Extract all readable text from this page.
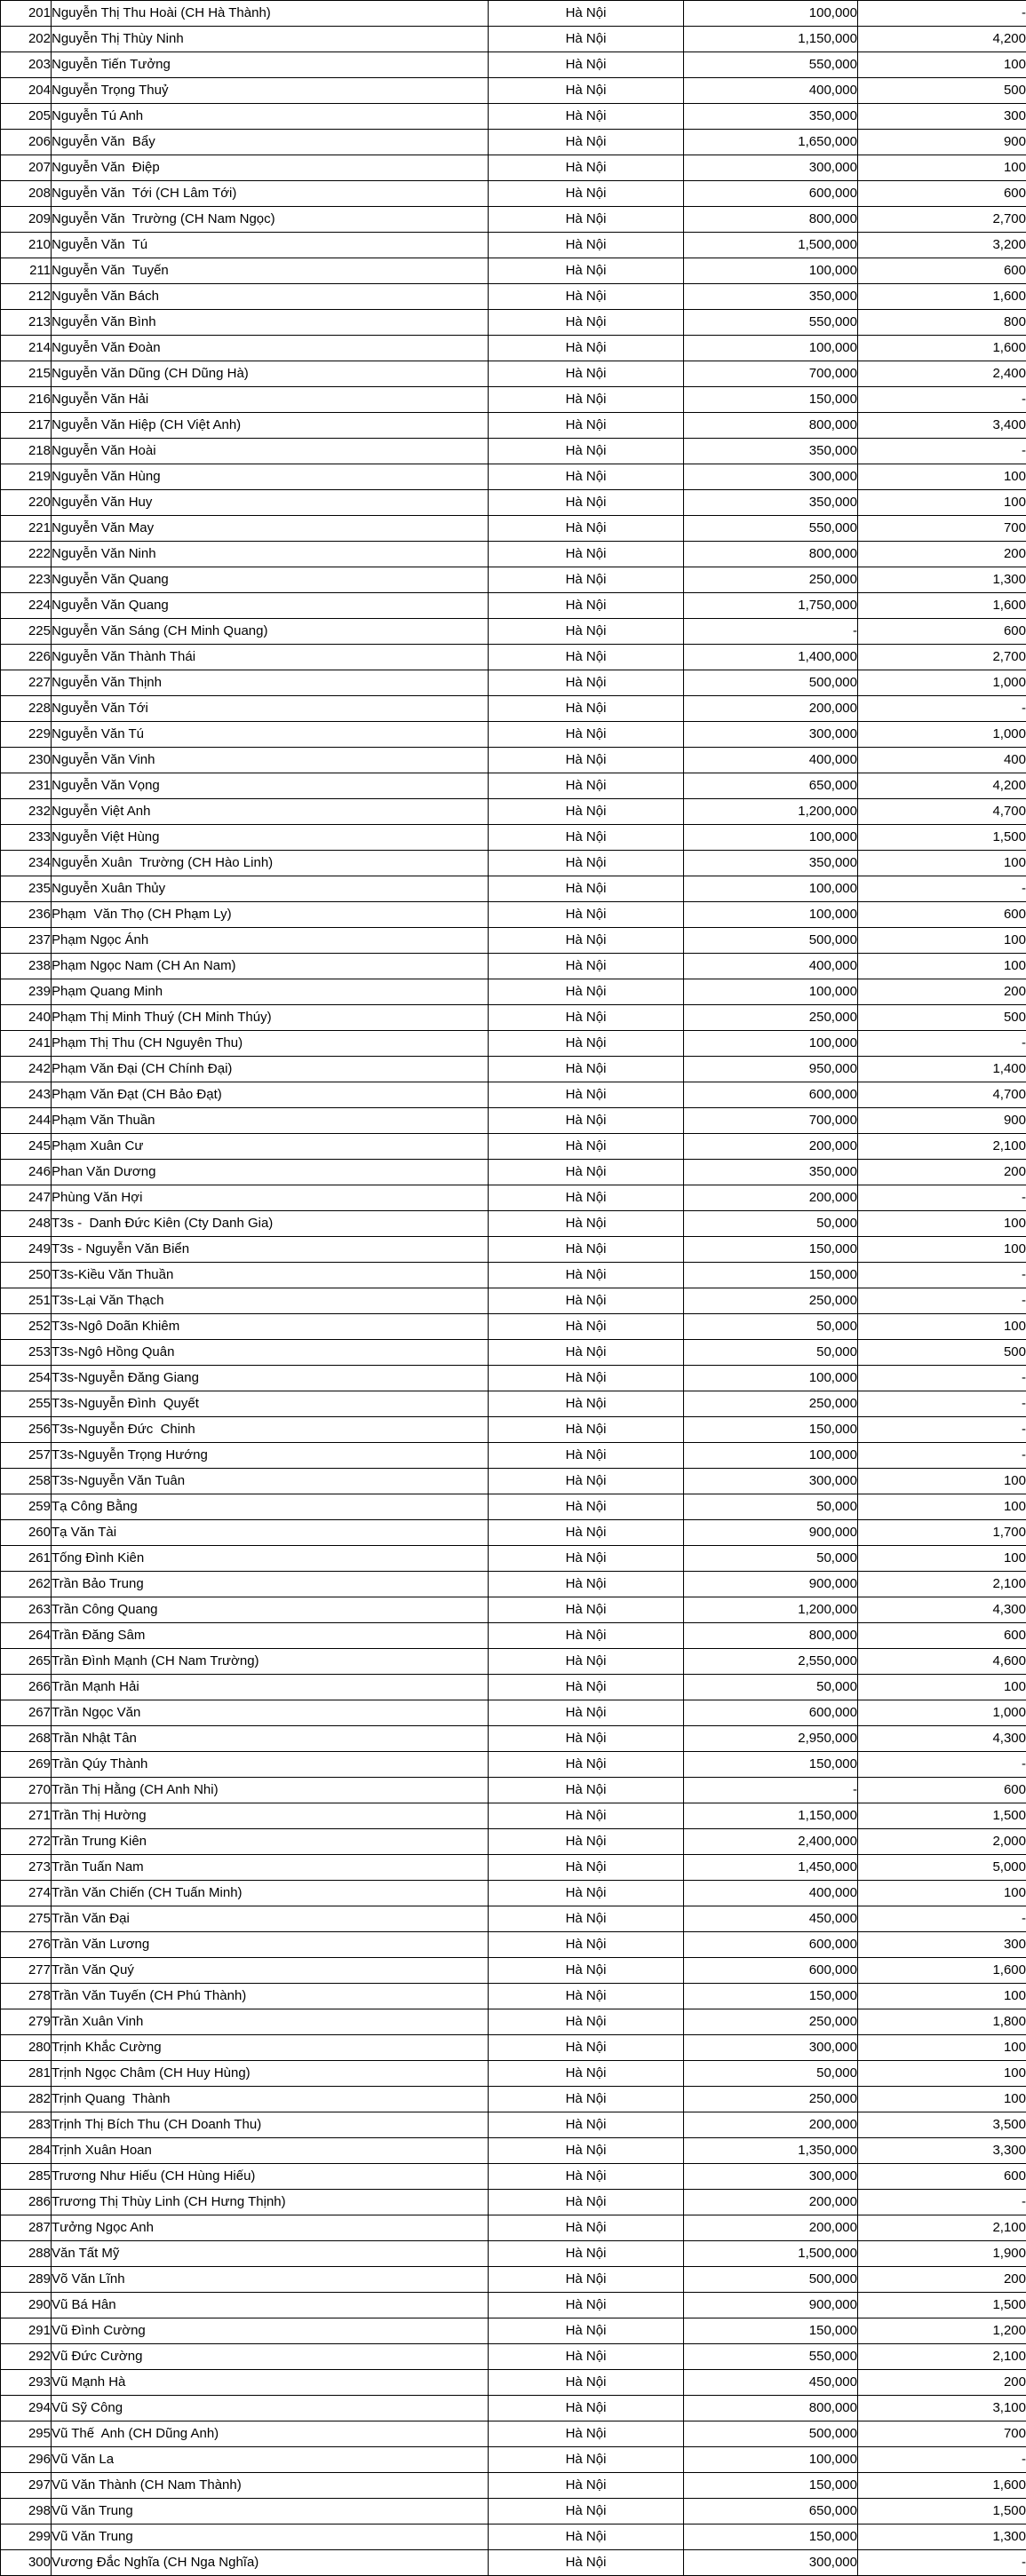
201	Nguyễn Thị Thu Hoài (CH Hà Thành)	Hà Nội	100,000	-
202	Nguyễn Thị Thùy Ninh	Hà Nội	1,150,000	4,200
203	Nguyễn Tiến Tưởng	Hà Nội	550,000	100
204	Nguyễn Trọng Thuỷ	Hà Nội	400,000	500
205	Nguyễn Tú Anh	Hà Nội	350,000	300
206	Nguyễn Văn  Bẩy	Hà Nội	1,650,000	900
207	Nguyễn Văn  Điệp	Hà Nội	300,000	100
208	Nguyễn Văn  Tới (CH Lâm Tới)	Hà Nội	600,000	600
209	Nguyễn Văn  Trường (CH Nam Ngọc)	Hà Nội	800,000	2,700
210	Nguyễn Văn  Tú	Hà Nội	1,500,000	3,200
211	Nguyễn Văn  Tuyến	Hà Nội	100,000	600
212	Nguyễn Văn Bách	Hà Nội	350,000	1,600
213	Nguyễn Văn Bình	Hà Nội	550,000	800
214	Nguyễn Văn Đoàn	Hà Nội	100,000	1,600
215	Nguyễn Văn Dũng (CH Dũng Hà)	Hà Nội	700,000	2,400
216	Nguyễn Văn Hải	Hà Nội	150,000	-
217	Nguyễn Văn Hiệp (CH Việt Anh)	Hà Nội	800,000	3,400
218	Nguyễn Văn Hoài	Hà Nội	350,000	-
219	Nguyễn Văn Hùng	Hà Nội	300,000	100
220	Nguyễn Văn Huy	Hà Nội	350,000	100
221	Nguyễn Văn May	Hà Nội	550,000	700
222	Nguyễn Văn Ninh	Hà Nội	800,000	200
223	Nguyễn Văn Quang	Hà Nội	250,000	1,300
224	Nguyễn Văn Quang	Hà Nội	1,750,000	1,600
225	Nguyễn Văn Sáng (CH Minh Quang)	Hà Nội	-	600
226	Nguyễn Văn Thành Thái	Hà Nội	1,400,000	2,700
227	Nguyễn Văn Thịnh	Hà Nội	500,000	1,000
228	Nguyễn Văn Tới	Hà Nội	200,000	-
229	Nguyễn Văn Tú	Hà Nội	300,000	1,000
230	Nguyễn Văn Vinh	Hà Nội	400,000	400
231	Nguyễn Văn Vọng	Hà Nội	650,000	4,200
232	Nguyễn Việt Anh	Hà Nội	1,200,000	4,700
233	Nguyễn Việt Hùng	Hà Nội	100,000	1,500
234	Nguyễn Xuân  Trường (CH Hào Linh)	Hà Nội	350,000	100
235	Nguyễn Xuân Thủy	Hà Nội	100,000	-
236	Phạm  Văn Thọ (CH Phạm Ly)	Hà Nội	100,000	600
237	Phạm Ngọc Ánh	Hà Nội	500,000	100
238	Phạm Ngọc Nam (CH An Nam)	Hà Nội	400,000	100
239	Phạm Quang Minh	Hà Nội	100,000	200
240	Phạm Thị Minh Thuý (CH Minh Thúy)	Hà Nội	250,000	500
241	Phạm Thị Thu (CH Nguyên Thu)	Hà Nội	100,000	-
242	Phạm Văn Đại (CH Chính Đại)	Hà Nội	950,000	1,400
243	Phạm Văn Đạt (CH Bảo Đạt)	Hà Nội	600,000	4,700
244	Phạm Văn Thuần	Hà Nội	700,000	900
245	Phạm Xuân Cư	Hà Nội	200,000	2,100
246	Phan Văn Dương	Hà Nội	350,000	200
247	Phùng Văn Hợi	Hà Nội	200,000	-
248	T3s -  Danh Đức Kiên (Cty Danh Gia)	Hà Nội	50,000	100
249	T3s - Nguyễn Văn Biển	Hà Nội	150,000	100
250	T3s-Kiều Văn Thuần	Hà Nội	150,000	-
251	T3s-Lại Văn Thạch	Hà Nội	250,000	-
252	T3s-Ngô Doãn Khiêm	Hà Nội	50,000	100
253	T3s-Ngô Hồng Quân	Hà Nội	50,000	500
254	T3s-Nguyễn Đăng Giang	Hà Nội	100,000	-
255	T3s-Nguyễn Đình  Quyết	Hà Nội	250,000	-
256	T3s-Nguyễn Đức  Chinh	Hà Nội	150,000	-
257	T3s-Nguyễn Trọng Hướng	Hà Nội	100,000	-
258	T3s-Nguyễn Văn Tuân	Hà Nội	300,000	100
259	Tạ Công Bằng	Hà Nội	50,000	100
260	Tạ Văn Tài	Hà Nội	900,000	1,700
261	Tống Đình Kiên	Hà Nội	50,000	100
262	Trần Bảo Trung	Hà Nội	900,000	2,100
263	Trần Công Quang	Hà Nội	1,200,000	4,300
264	Trần Đăng Sâm	Hà Nội	800,000	600
265	Trần Đình Mạnh (CH Nam Trường)	Hà Nội	2,550,000	4,600
266	Trần Mạnh Hải	Hà Nội	50,000	100
267	Trần Ngọc Văn	Hà Nội	600,000	1,000
268	Trần Nhật Tân	Hà Nội	2,950,000	4,300
269	Trần Qúy Thành	Hà Nội	150,000	-
270	Trần Thị Hằng (CH Anh Nhi)	Hà Nội	-	600
271	Trần Thị Hường	Hà Nội	1,150,000	1,500
272	Trần Trung Kiên	Hà Nội	2,400,000	2,000
273	Trần Tuấn Nam	Hà Nội	1,450,000	5,000
274	Trần Văn Chiến (CH Tuấn Minh)	Hà Nội	400,000	100
275	Trần Văn Đại	Hà Nội	450,000	-
276	Trần Văn Lương	Hà Nội	600,000	300
277	Trần Văn Quý	Hà Nội	600,000	1,600
278	Trần Văn Tuyến (CH Phú Thành)	Hà Nội	150,000	100
279	Trần Xuân Vinh	Hà Nội	250,000	1,800
280	Trịnh Khắc Cường	Hà Nội	300,000	100
281	Trịnh Ngọc Châm (CH Huy Hùng)	Hà Nội	50,000	100
282	Trịnh Quang  Thành	Hà Nội	250,000	100
283	Trịnh Thị Bích Thu (CH Doanh Thu)	Hà Nội	200,000	3,500
284	Trịnh Xuân Hoan	Hà Nội	1,350,000	3,300
285	Trương Như Hiếu (CH Hùng Hiếu)	Hà Nội	300,000	600
286	Trương Thị Thùy Linh (CH Hưng Thịnh)	Hà Nội	200,000	-
287	Tưởng Ngọc Anh	Hà Nội	200,000	2,100
288	Văn Tất Mỹ	Hà Nội	1,500,000	1,900
289	Võ Văn Lĩnh	Hà Nội	500,000	200
290	Vũ Bá Hân	Hà Nội	900,000	1,500
291	Vũ Đình Cường	Hà Nội	150,000	1,200
292	Vũ Đức Cường	Hà Nội	550,000	2,100
293	Vũ Mạnh Hà	Hà Nội	450,000	200
294	Vũ Sỹ Công	Hà Nội	800,000	3,100
295	Vũ Thế  Anh (CH Dũng Anh)	Hà Nội	500,000	700
296	Vũ Văn La	Hà Nội	100,000	-
297	Vũ Văn Thành (CH Nam Thành)	Hà Nội	150,000	1,600
298	Vũ Văn Trung	Hà Nội	650,000	1,500
299	Vũ Văn Trung	Hà Nội	150,000	1,300
300	Vương Đắc Nghĩa (CH Nga Nghĩa)	Hà Nội	300,000	-
